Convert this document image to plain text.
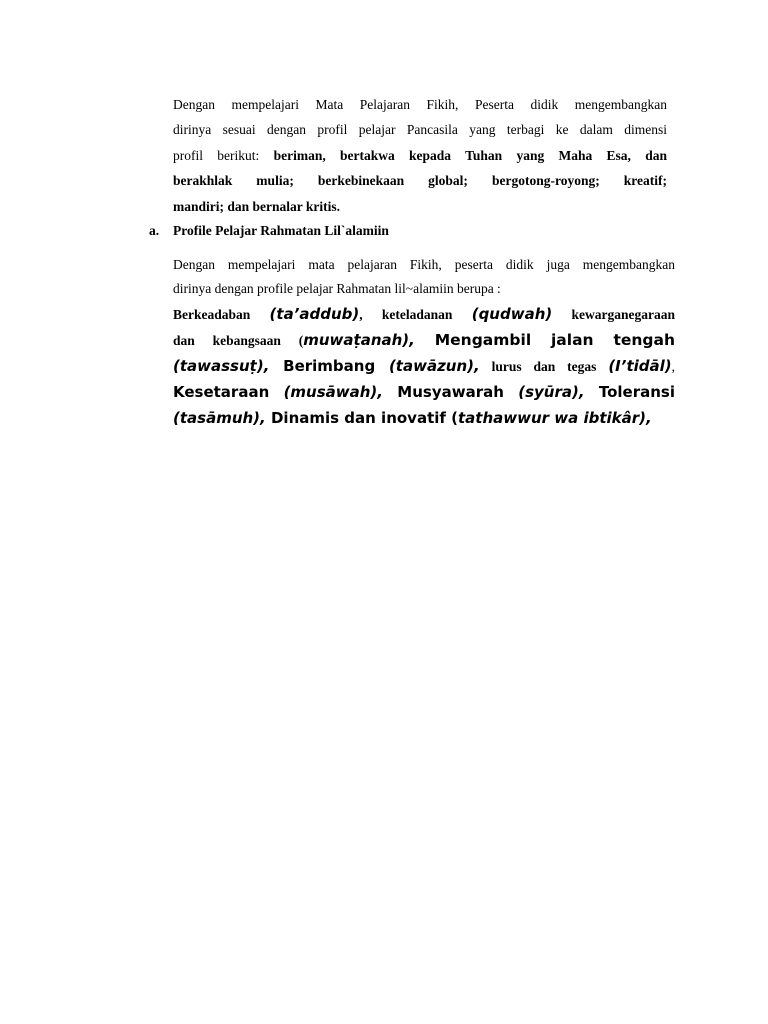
Dengan mempelajari Mata Pelajaran Fikih, Peserta didik mengembangkan
dirinya sesuai dengan profil pelajar Pancasila yang terbagi ke dalam dimensi
profil berikut: beriman, bertakwa kepada Tuhan yang Maha Esa, dan
berakhlak mulia; berkebinekaan global; bergotong-royong; kreatif;
mandiri; dan bernalar kritis.
a. Profile Pelajar Rahmatan Lil`alamiin
Dengan mempelajari mata pelajaran Fikih, peserta didik juga mengembangkan
dirinya dengan profile pelajar Rahmatan lil~alamiin berupa :
Berkeadaban (ta’addub), keteladanan (qudwah) kewarganegaraan
dan kebangsaan (muwaṭanah), Mengambil jalan tengah
(tawassuṭ), Berimbang (tawāzun), lurus dan tegas (I’tidāl),
Kesetaraan (musāwah), Musyawarah (syūra), Toleransi
(tasāmuh), Dinamis dan inovatif (tathawwur wa ibtikâr),
